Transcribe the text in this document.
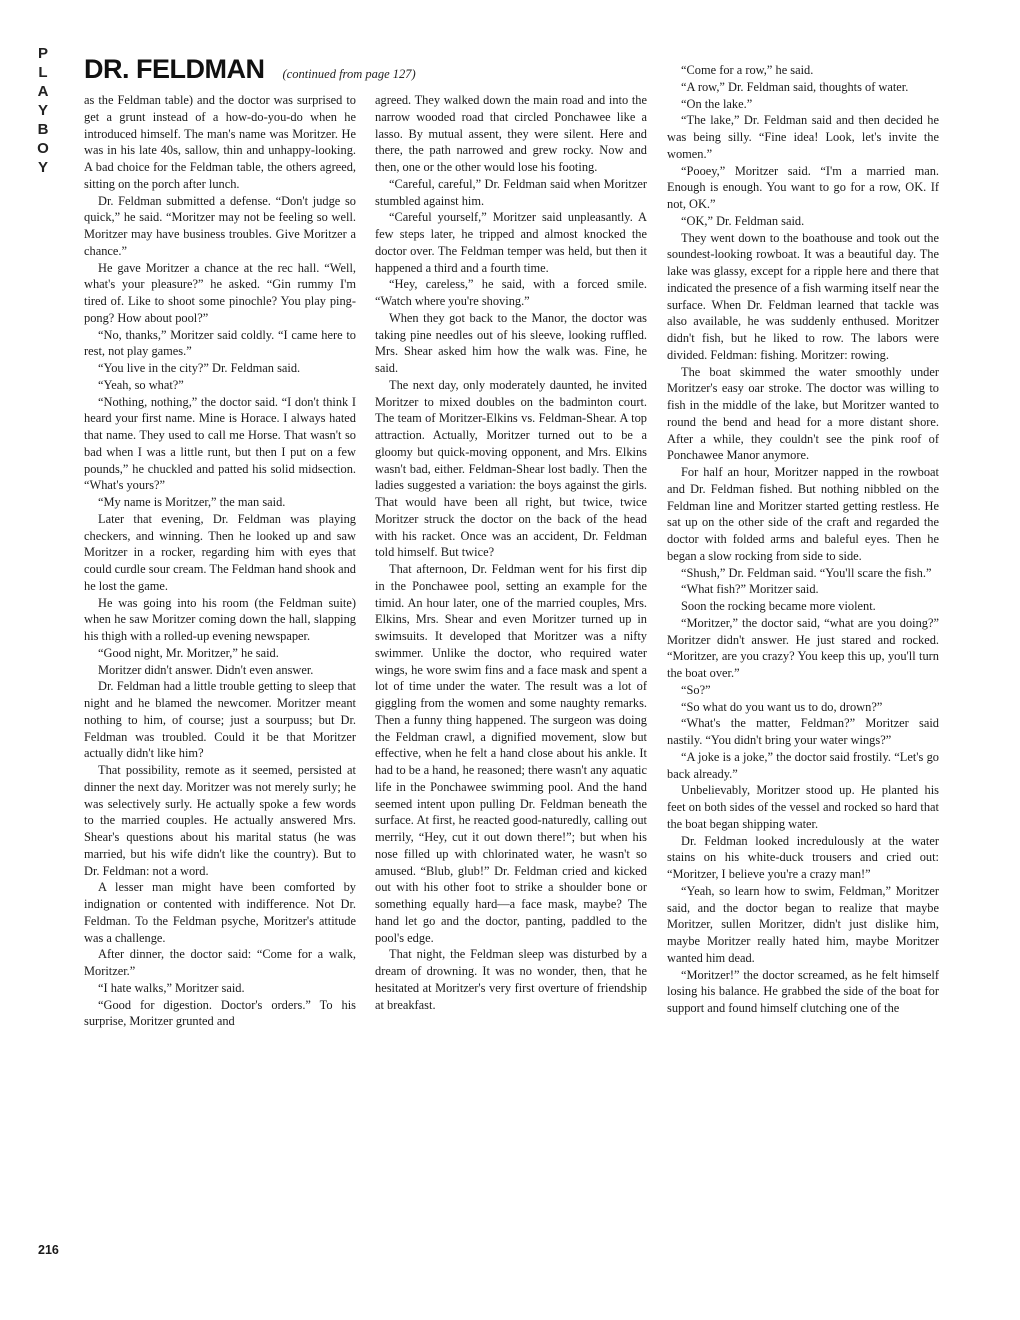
P
L
A
Y
B
O
Y
DR. FELDMAN (continued from page 127)

as the Feldman table) and the doctor was surprised to get a grunt instead of a how-do-you-do when he introduced himself. The man's name was Moritzer. He was in his late 40s, sallow, thin and unhappy-looking. A bad choice for the Feldman table, the others agreed, sitting on the porch after lunch.

Dr. Feldman submitted a defense. “Don't judge so quick,” he said. “Moritzer may not be feeling so well. Moritzer may have business troubles. Give Moritzer a chance.”

He gave Moritzer a chance at the rec hall. “Well, what's your pleasure?” he asked. “Gin rummy I'm tired of. Like to shoot some pinochle? You play ping-pong? How about pool?”

“No, thanks,” Moritzer said coldly. “I came here to rest, not play games.”

“You live in the city?” Dr. Feldman said.

“Yeah, so what?”

“Nothing, nothing,” the doctor said. “I don't think I heard your first name. Mine is Horace. I always hated that name. They used to call me Horse. That wasn't so bad when I was a little runt, but then I put on a few pounds,” he chuckled and patted his solid midsection. “What's yours?”

“My name is Moritzer,” the man said.

Later that evening, Dr. Feldman was playing checkers, and winning. Then he looked up and saw Moritzer in a rocker, regarding him with eyes that could curdle sour cream. The Feldman hand shook and he lost the game.

He was going into his room (the Feldman suite) when he saw Moritzer coming down the hall, slapping his thigh with a rolled-up evening newspaper.

“Good night, Mr. Moritzer,” he said.

Moritzer didn't answer. Didn't even answer.

Dr. Feldman had a little trouble getting to sleep that night and he blamed the newcomer. Moritzer meant nothing to him, of course; just a sourpuss; but Dr. Feldman was troubled. Could it be that Moritzer actually didn't like him?

That possibility, remote as it seemed, persisted at dinner the next day. Moritzer was not merely surly; he was selectively surly. He actually spoke a few words to the married couples. He actually answered Mrs. Shear's questions about his marital status (he was married, but his wife didn't like the country). But to Dr. Feldman: not a word.

A lesser man might have been comforted by indignation or contented with indifference. Not Dr. Feldman. To the Feldman psyche, Moritzer's attitude was a challenge.

After dinner, the doctor said: “Come for a walk, Moritzer.”

“I hate walks,” Moritzer said.

“Good for digestion. Doctor's orders.” To his surprise, Moritzer grunted and

agreed. They walked down the main road and into the narrow wooded road that circled Ponchawee like a lasso. By mutual assent, they were silent. Here and there, the path narrowed and grew rocky. Now and then, one or the other would lose his footing.

“Careful, careful,” Dr. Feldman said when Moritzer stumbled against him.

“Careful yourself,” Moritzer said unpleasantly. A few steps later, he tripped and almost knocked the doctor over. The Feldman temper was held, but then it happened a third and a fourth time.

“Hey, careless,” he said, with a forced smile. “Watch where you're shoving.”

When they got back to the Manor, the doctor was taking pine needles out of his sleeve, looking ruffled. Mrs. Shear asked him how the walk was. Fine, he said.

The next day, only moderately daunted, he invited Moritzer to mixed doubles on the badminton court. The team of Moritzer-Elkins vs. Feldman-Shear. A top attraction. Actually, Moritzer turned out to be a gloomy but quick-moving opponent, and Mrs. Elkins wasn't bad, either. Feldman-Shear lost badly. Then the ladies suggested a variation: the boys against the girls. That would have been all right, but twice, twice Moritzer struck the doctor on the back of the head with his racket. Once was an accident, Dr. Feldman told himself. But twice?

That afternoon, Dr. Feldman went for his first dip in the Ponchawee pool, setting an example for the timid. An hour later, one of the married couples, Mrs. Elkins, Mrs. Shear and even Moritzer turned up in swimsuits. It developed that Moritzer was a nifty swimmer. Unlike the doctor, who required water wings, he wore swim fins and a face mask and spent a lot of time under the water. The result was a lot of giggling from the women and some naughty remarks. Then a funny thing happened. The surgeon was doing the Feldman crawl, a dignified movement, slow but effective, when he felt a hand close about his ankle. It had to be a hand, he reasoned; there wasn't any aquatic life in the Ponchawee swimming pool. And the hand seemed intent upon pulling Dr. Feldman beneath the surface. At first, he reacted good-naturedly, calling out merrily, “Hey, cut it out down there!”; but when his nose filled up with chlorinated water, he wasn't so amused. “Blub, glub!” Dr. Feldman cried and kicked out with his other foot to strike a shoulder bone or something equally hard—a face mask, maybe? The hand let go and the doctor, panting, paddled to the pool's edge.

That night, the Feldman sleep was disturbed by a dream of drowning. It was no wonder, then, that he hesitated at Moritzer's very first overture of friendship at breakfast.

“Come for a row,” he said.

“A row,” Dr. Feldman said, thoughts of water.

“On the lake.”

“The lake,” Dr. Feldman said and then decided he was being silly. “Fine idea! Look, let's invite the women.”

“Pooey,” Moritzer said. “I'm a married man. Enough is enough. You want to go for a row, OK. If not, OK.”

“OK,” Dr. Feldman said.

They went down to the boathouse and took out the soundest-looking rowboat. It was a beautiful day. The lake was glassy, except for a ripple here and there that indicated the presence of a fish warming itself near the surface. When Dr. Feldman learned that tackle was also available, he was suddenly enthused. Moritzer didn't fish, but he liked to row. The labors were divided. Feldman: fishing. Moritzer: rowing.

The boat skimmed the water smoothly under Moritzer's easy oar stroke. The doctor was willing to fish in the middle of the lake, but Moritzer wanted to round the bend and head for a more distant shore. After a while, they couldn't see the pink roof of Ponchawee Manor anymore.

For half an hour, Moritzer napped in the rowboat and Dr. Feldman fished. But nothing nibbled on the Feldman line and Moritzer started getting restless. He sat up on the other side of the craft and regarded the doctor with folded arms and baleful eyes. Then he began a slow rocking from side to side.

“Shush,” Dr. Feldman said. “You'll scare the fish.”

“What fish?” Moritzer said.

Soon the rocking became more violent.

“Moritzer,” the doctor said, “what are you doing?” Moritzer didn't answer. He just stared and rocked. “Moritzer, are you crazy? You keep this up, you'll turn the boat over.”

“So?”

“So what do you want us to do, drown?”

“What's the matter, Feldman?” Moritzer said nastily. “You didn't bring your water wings?”

“A joke is a joke,” the doctor said frostily. “Let's go back already.”

Unbelievably, Moritzer stood up. He planted his feet on both sides of the vessel and rocked so hard that the boat began shipping water.

Dr. Feldman looked incredulously at the water stains on his white-duck trousers and cried out: “Moritzer, I believe you're a crazy man!”

“Yeah, so learn how to swim, Feldman,” Moritzer said, and the doctor began to realize that maybe Moritzer, sullen Moritzer, didn't just dislike him, maybe Moritzer really hated him, maybe Moritzer wanted him dead.

“Moritzer!” the doctor screamed, as he felt himself losing his balance. He grabbed the side of the boat for support and found himself clutching one of the

216
